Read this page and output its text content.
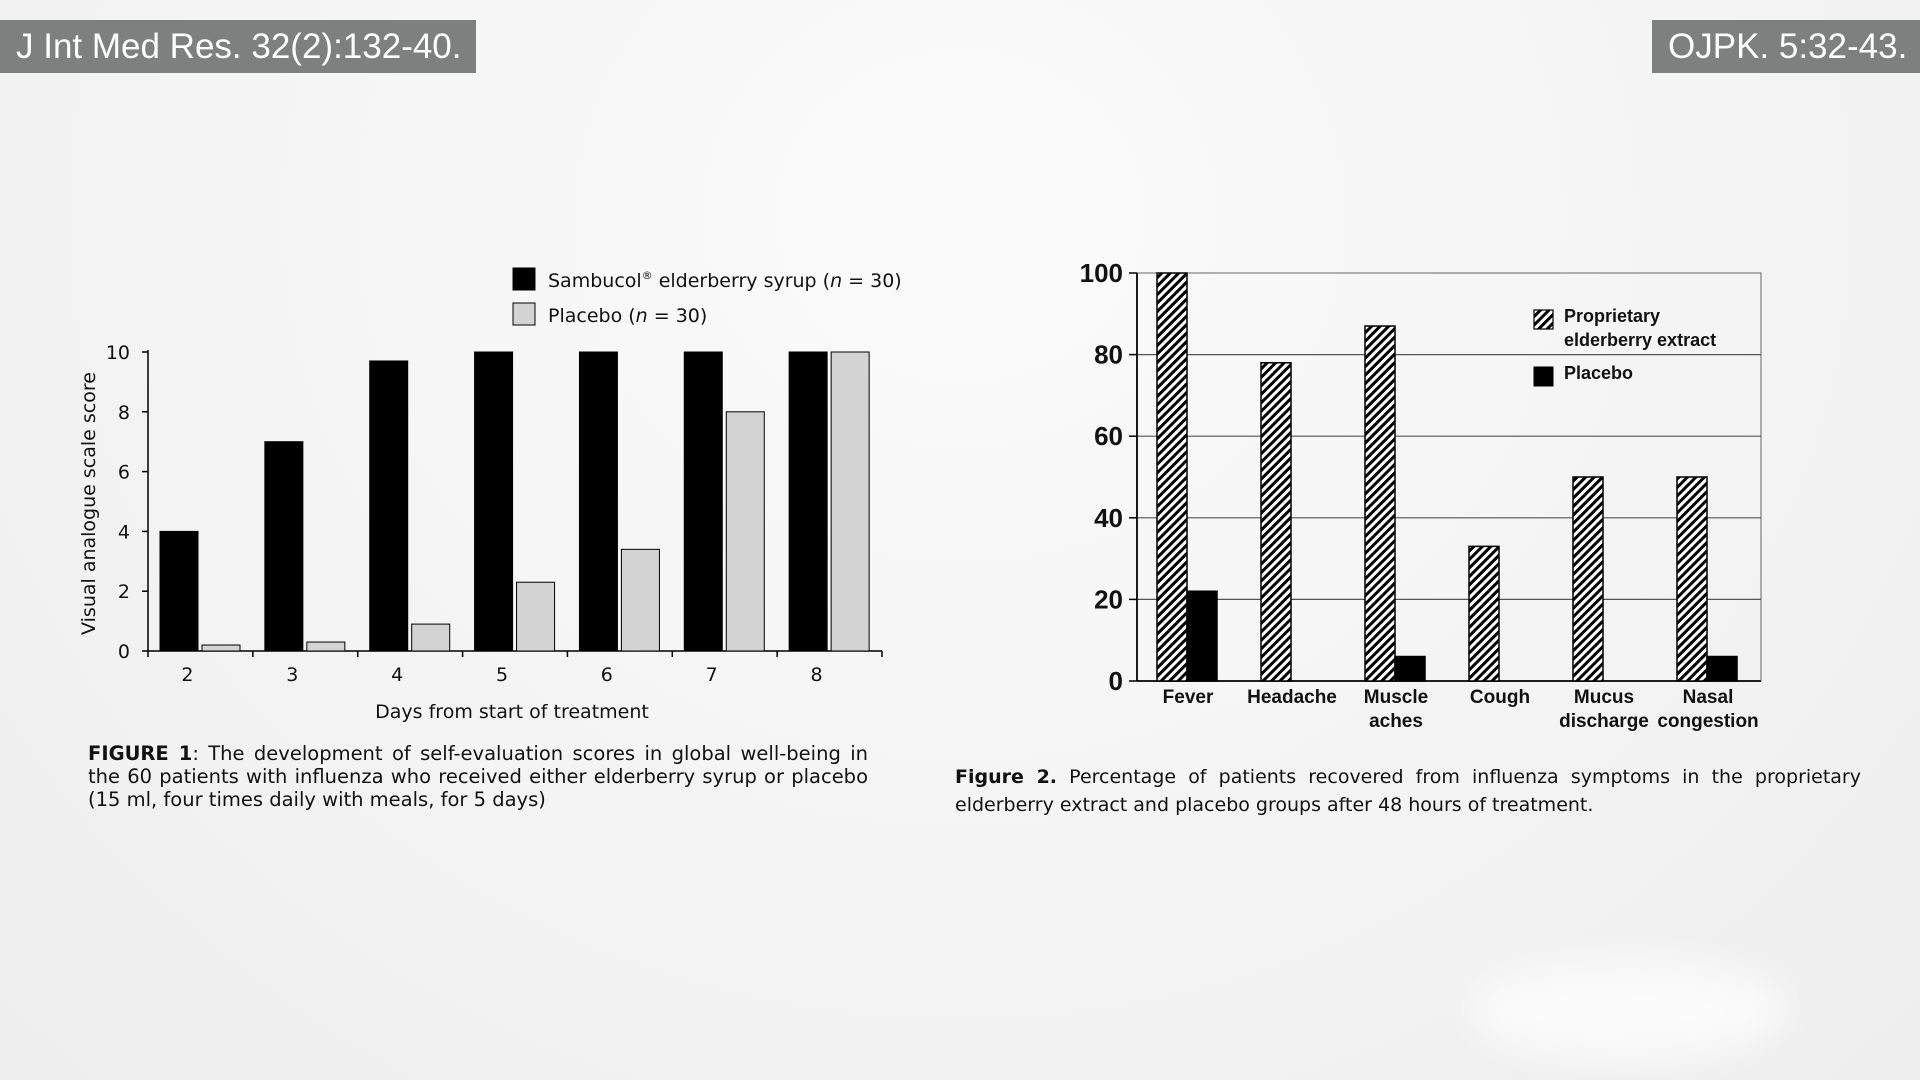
J Int Med Res. 32(2):132-40.	OJPK. 5:32-43.
0
2
4
6
8
10
2	3	4	5	6	7	8
Days from start of treatment
Visual analogue scale score
Sambucol® elderberry syrup (n = 30)
Placebo (n = 30)
0
20
40
60
80
100
Fever Headache Muscle aches
Cough	Mucus discharge
Nasal congestion
Proprietary elderberry extract
Placebo
FIGURE 1: The development of self-evaluation scores in global well-being in the 60 patients with influenza who received either elderberry syrup or placebo (15 ml, four times daily with meals, for 5 days)
Figure 2. Percentage of patients recovered from influenza symptoms in the proprietary elderberry extract and placebo groups after 48 hours of treatment.
